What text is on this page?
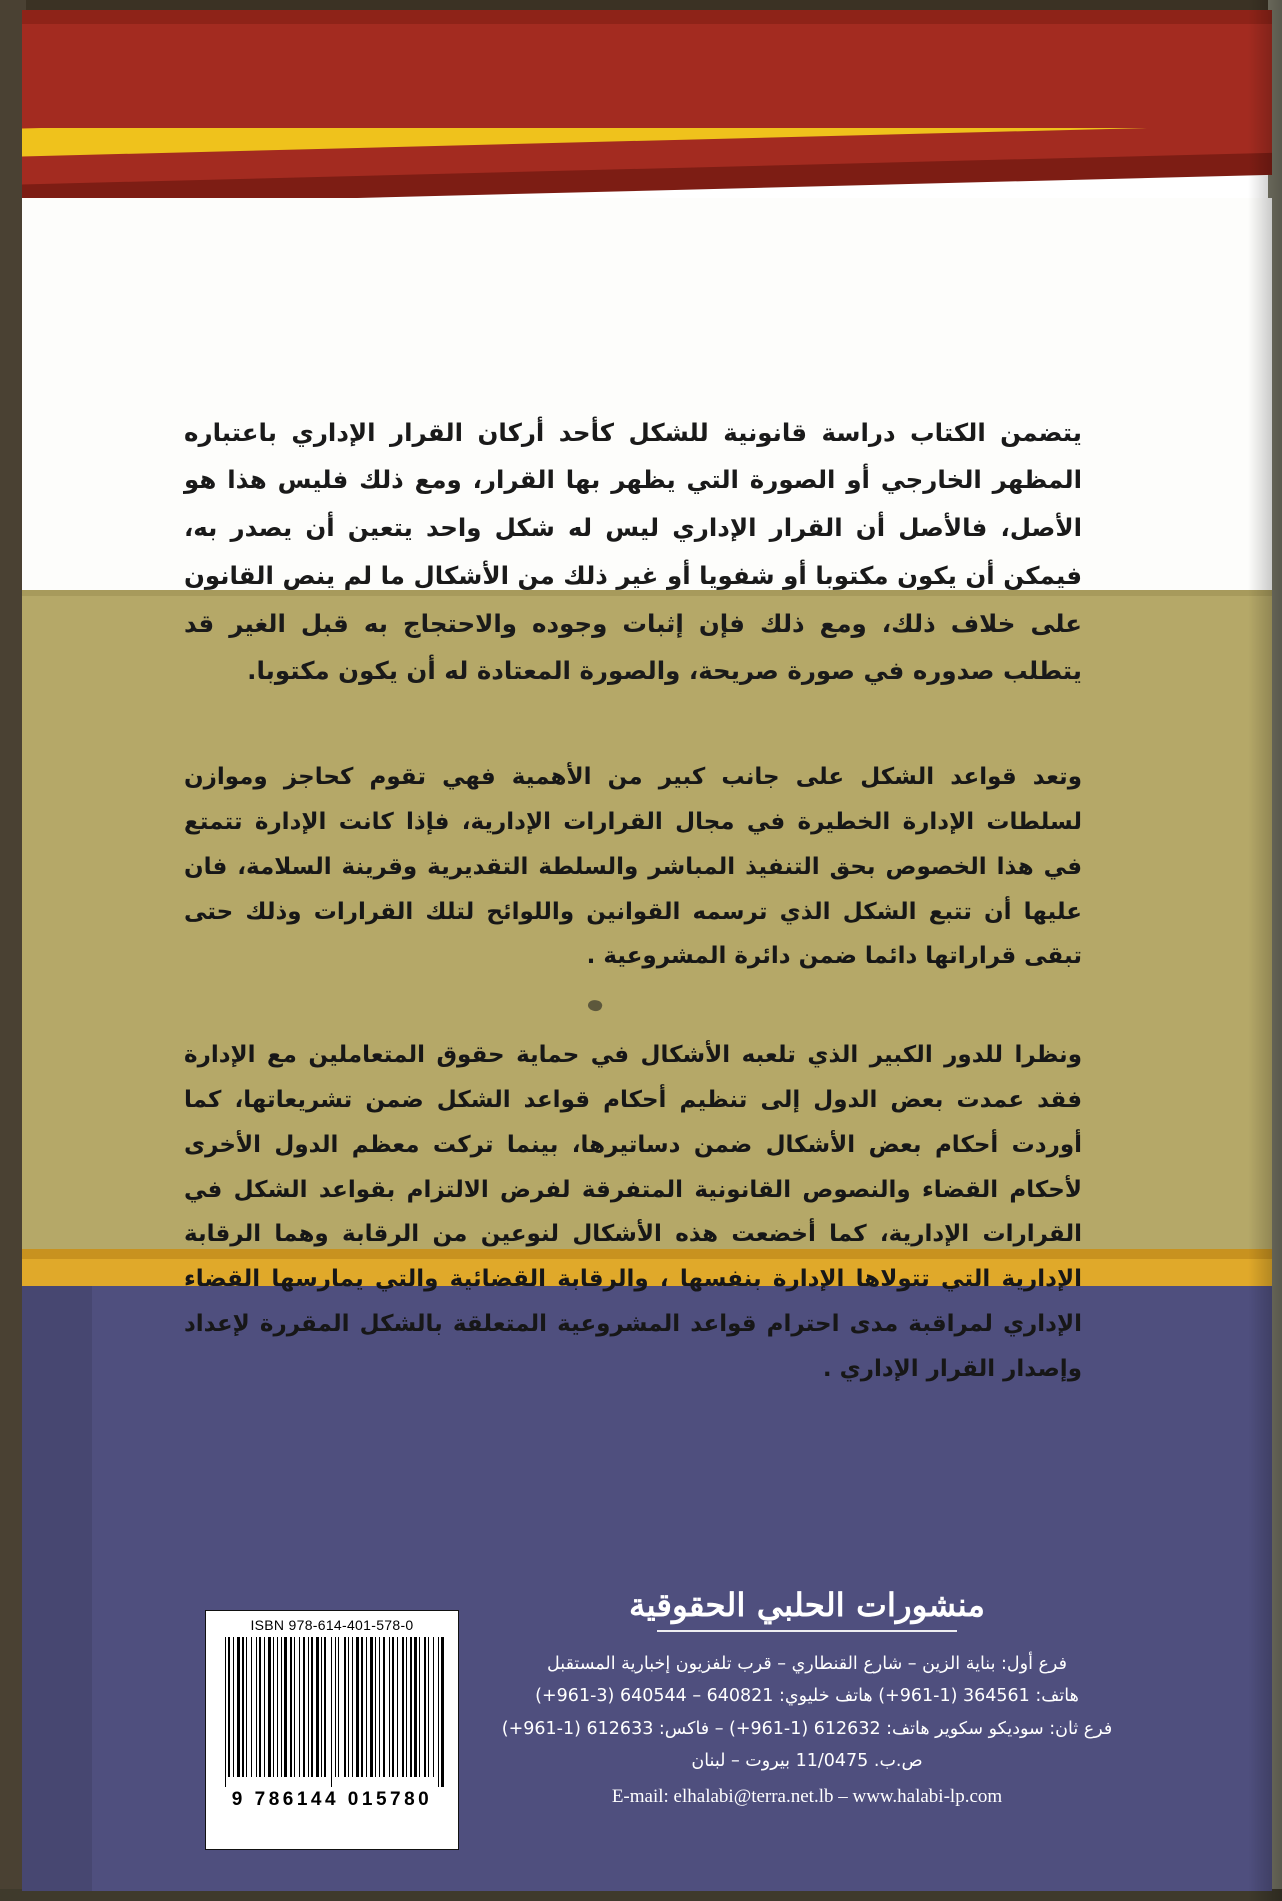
يتضمن الكتاب دراسة قانونية للشكل كأحد أركان القرار الإداري باعتباره المظهر الخارجي أو الصورة التي يظهر بها القرار، ومع ذلك فليس هذا هو الأصل، فالأصل أن القرار الإداري ليس له شكل واحد يتعين أن يصدر به، فيمكن أن يكون مكتوبا أو شفويا أو غير ذلك من الأشكال ما لم ينص القانون على خلاف ذلك، ومع ذلك فإن إثبات وجوده والاحتجاج به قبل الغير قد يتطلب صدوره في صورة صريحة، والصورة المعتادة له أن يكون مكتوبا.

وتعد قواعد الشكل على جانب كبير من الأهمية فهي تقوم كحاجز وموازن لسلطات الإدارة الخطيرة في مجال القرارات الإدارية، فإذا كانت الإدارة تتمتع في هذا الخصوص بحق التنفيذ المباشر والسلطة التقديرية وقرينة السلامة، فان عليها أن تتبع الشكل الذي ترسمه القوانين واللوائح لتلك القرارات وذلك حتى تبقى قراراتها دائما ضمن دائرة المشروعية .

ونظرا للدور الكبير الذي تلعبه الأشكال في حماية حقوق المتعاملين مع الإدارة فقد عمدت بعض الدول إلى تنظيم أحكام قواعد الشكل ضمن تشريعاتها، كما أوردت أحكام بعض الأشكال ضمن دساتيرها، بينما تركت معظم الدول الأخرى لأحكام القضاء والنصوص القانونية المتفرقة لفرض الالتزام بقواعد الشكل في القرارات الإدارية، كما أخضعت هذه الأشكال لنوعين من الرقابة وهما الرقابة الإدارية التي تتولاها الإدارة بنفسها ، والرقابة القضائية والتي يمارسها القضاء الإداري لمراقبة مدى احترام قواعد المشروعية المتعلقة بالشكل المقررة لإعداد وإصدار القرار الإداري .

منشورات الحلبي الحقوقية
فرع أول: بناية الزين – شارع القنطاري – قرب تلفزيون إخبارية المستقبل
هاتف: 364561 (1-961+) هاتف خليوي: 640821 – 640544 (3-961+)
فرع ثان: سوديكو سكوير هاتف: 612632 (1-961+) – فاكس: 612633 (1-961+)
ص.ب. 11/0475 بيروت – لبنان
E-mail: elhalabi@terra.net.lb – www.halabi-lp.com
ISBN 978-614-401-578-0
9 786144 015780
